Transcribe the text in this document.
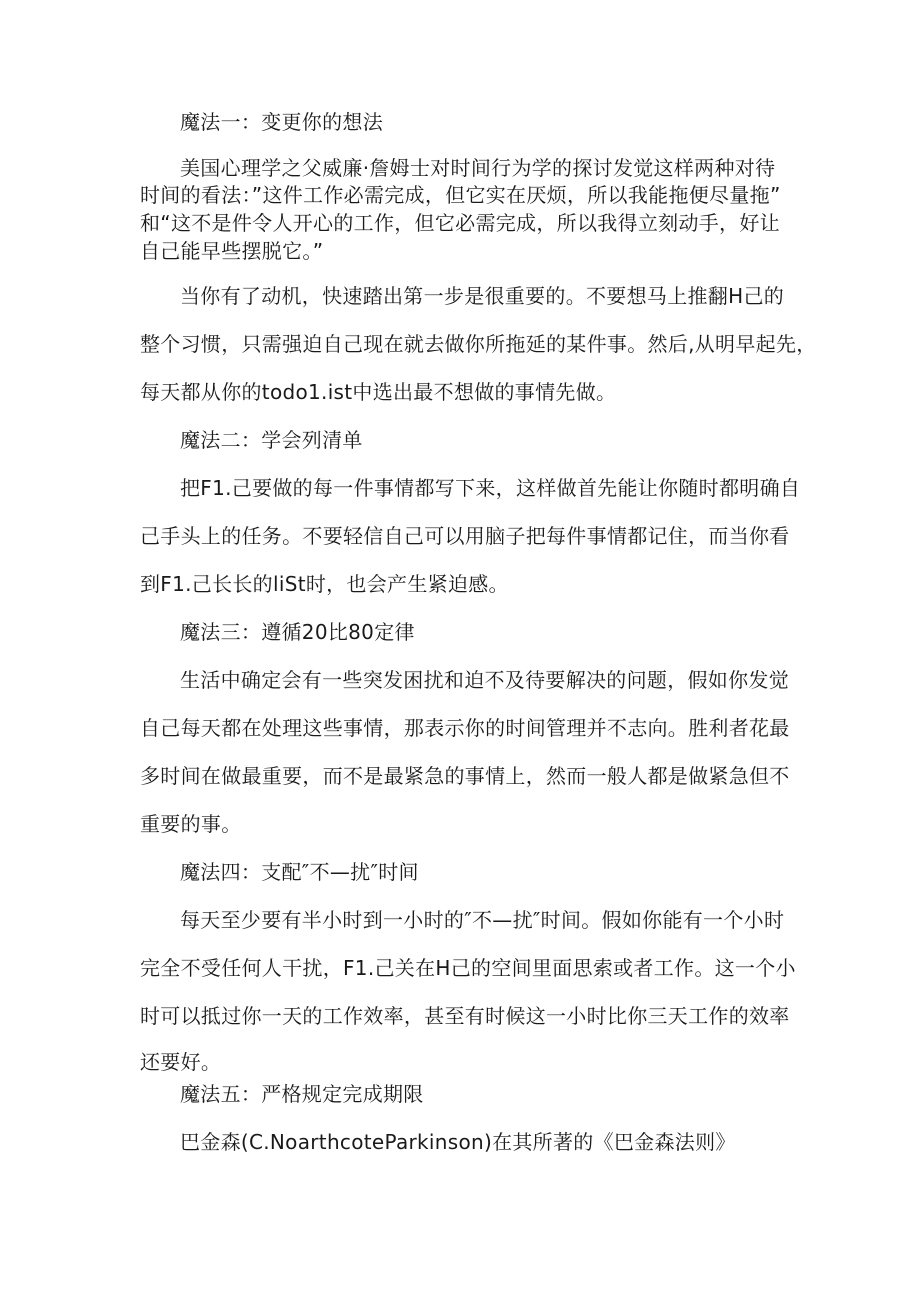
魔法一：变更你的想法

美国心理学之父威廉·詹姆士对时间行为学的探讨发觉这样两种对待

时间的看法：”这件工作必需完成，但它实在厌烦，所以我能拖便尽量拖”

和“这不是件令人开心的工作，但它必需完成，所以我得立刻动手，好让

自己能早些摆脱它。”

当你有了动机，快速踏出第一步是很重要的。不要想马上推翻H己的

整个习惯，只需强迫自己现在就去做你所拖延的某件事。然后,从明早起先，

每天都从你的todo1.ist中选出最不想做的事情先做。

魔法二：学会列清单

把F1.己要做的每一件事情都写下来，这样做首先能让你随时都明确自

己手头上的任务。不要轻信自己可以用脑子把每件事情都记住，而当你看

到F1.己长长的liSt时，也会产生紧迫感。

魔法三：遵循20比80定律

生活中确定会有一些突发困扰和迫不及待要解决的问题，假如你发觉

自己每天都在处理这些事情，那表示你的时间管理并不志向。胜利者花最

多时间在做最重要，而不是最紧急的事情上，然而一般人都是做紧急但不

重要的事。

魔法四：支配″不—扰″时间

每天至少要有半小时到一小时的″不—扰″时间。假如你能有一个小时

完全不受任何人干扰，F1.己关在H己的空间里面思索或者工作。这一个小

时可以抵过你一天的工作效率，甚至有时候这一小时比你三天工作的效率

还要好。

魔法五：严格规定完成期限

巴金森(C.NoarthcoteParkinson)在其所著的《巴金森法则》
